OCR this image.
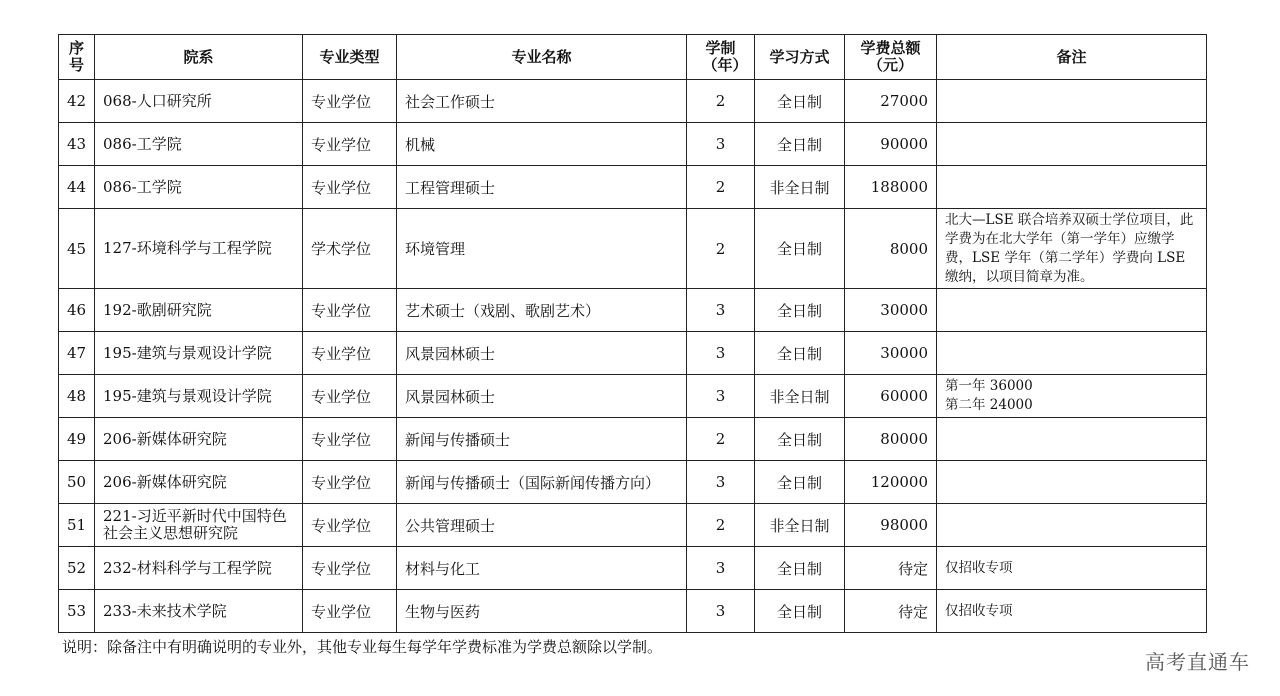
序号	院系	专业类型	专业名称	学制（年）	学习方式	学费总额（元）	备注
42	068-人口研究所	专业学位	社会工作硕士	2	全日制	27000	
43	086-工学院	专业学位	机械	3	全日制	90000	
44	086-工学院	专业学位	工程管理硕士	2	非全日制	188000	
45	127-环境科学与工程学院	学术学位	环境管理	2	全日制	8000	北大—LSE 联合培养双硕士学位项目，此学费为在北大学年（第一学年）应缴学费，LSE 学年（第二学年）学费向 LSE 缴纳，以项目简章为准。
46	192-歌剧研究院	专业学位	艺术硕士（戏剧、歌剧艺术）	3	全日制	30000	
47	195-建筑与景观设计学院	专业学位	风景园林硕士	3	全日制	30000	
48	195-建筑与景观设计学院	专业学位	风景园林硕士	3	非全日制	60000	第一年 36000
第二年 24000
49	206-新媒体研究院	专业学位	新闻与传播硕士	2	全日制	80000	
50	206-新媒体研究院	专业学位	新闻与传播硕士（国际新闻传播方向）	3	全日制	120000	
51	221-习近平新时代中国特色社会主义思想研究院	专业学位	公共管理硕士	2	非全日制	98000	
52	232-材料科学与工程学院	专业学位	材料与化工	3	全日制	待定	仅招收专项
53	233-未来技术学院	专业学位	生物与医药	3	全日制	待定	仅招收专项
说明：除备注中有明确说明的专业外，其他专业每生每学年学费标准为学费总额除以学制。
高考直通车
